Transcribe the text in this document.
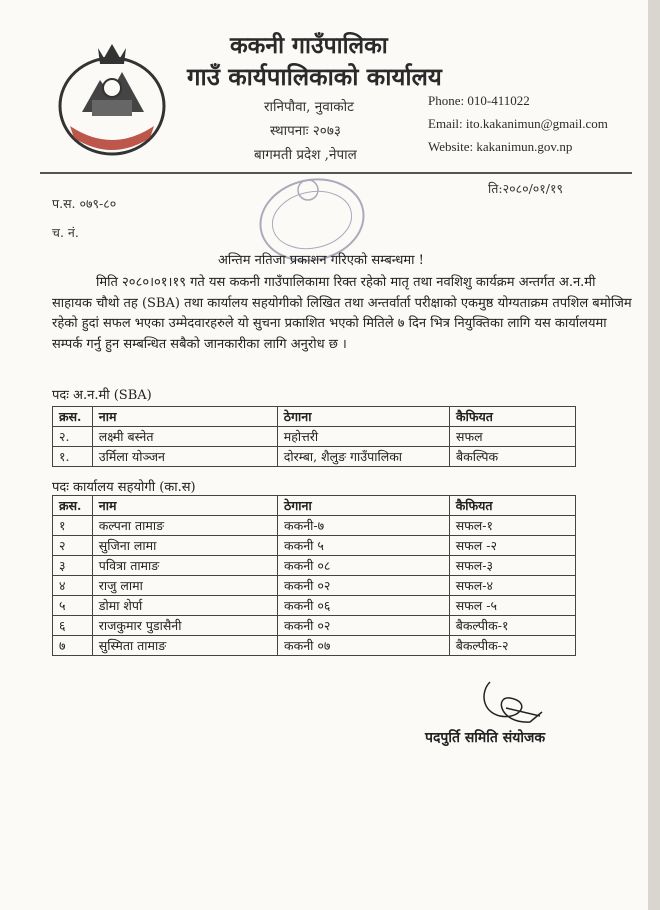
ककनी गाउँपालिका
गाउँ कार्यपालिकाको कार्यालय
रानिपौवा, नुवाकोट
स्थापनाः २०७३
बागमती प्रदेश ,नेपाल
Phone: 010-411022
Email: ito.kakanimun@gmail.com
Website: kakanimun.gov.np
प.स. ०७९-८०
च. नं.
ति:२०८०/०१/१९
अन्तिम नतिजा प्रकाशन गरिएको सम्बन्धमा !
मिति २०८०।०१।१९ गते यस ककनी गाउँपालिकामा रिक्त रहेको मातृ तथा नवशिशु कार्यक्रम अन्तर्गत अ.न.मी साहायक चौथो तह (SBA) तथा कार्यालय सहयोगीको लिखित तथा अन्तर्वार्ता परीक्षाको एकमुष्ठ योग्यताक्रम तपशिल बमोजिम रहेको हुदां सफल भएका उम्मेदवारहरुले यो सुचना प्रकाशित भएको मितिले ७ दिन भित्र नियुक्तिका लागि यस कार्यालयमा सम्पर्क गर्नु हुन सम्बन्धित सबैको जानकारीका लागि अनुरोध छ ।
पदः अ.न.मी (SBA)
क्रस.	नाम	ठेगाना	कैफियत
२.	लक्ष्मी बस्नेत	महोत्तरी	सफल
१.	उर्मिला योञ्जन	दोरम्बा, शैलुङ गाउँपालिका	बैकल्पिक
पदः कार्यालय सहयोगी (का.स)
क्रस.	नाम	ठेगाना	कैफियत
१	कल्पना तामाङ	ककनी-७	सफल-१
२	सुजिना लामा	ककनी ५	सफल -२
३	पवित्रा तामाङ	ककनी ०८	सफल-३
४	राजु लामा	ककनी ०२	सफल-४
५	डोमा शेर्पा	ककनी ०६	सफल -५
६	राजकुमार पुडासैनी	ककनी ०२	बैकल्पीक-१
७	सुस्मिता तामाङ	ककनी ०७	बैकल्पीक-२
पदपुर्ति समिति संयोजक
